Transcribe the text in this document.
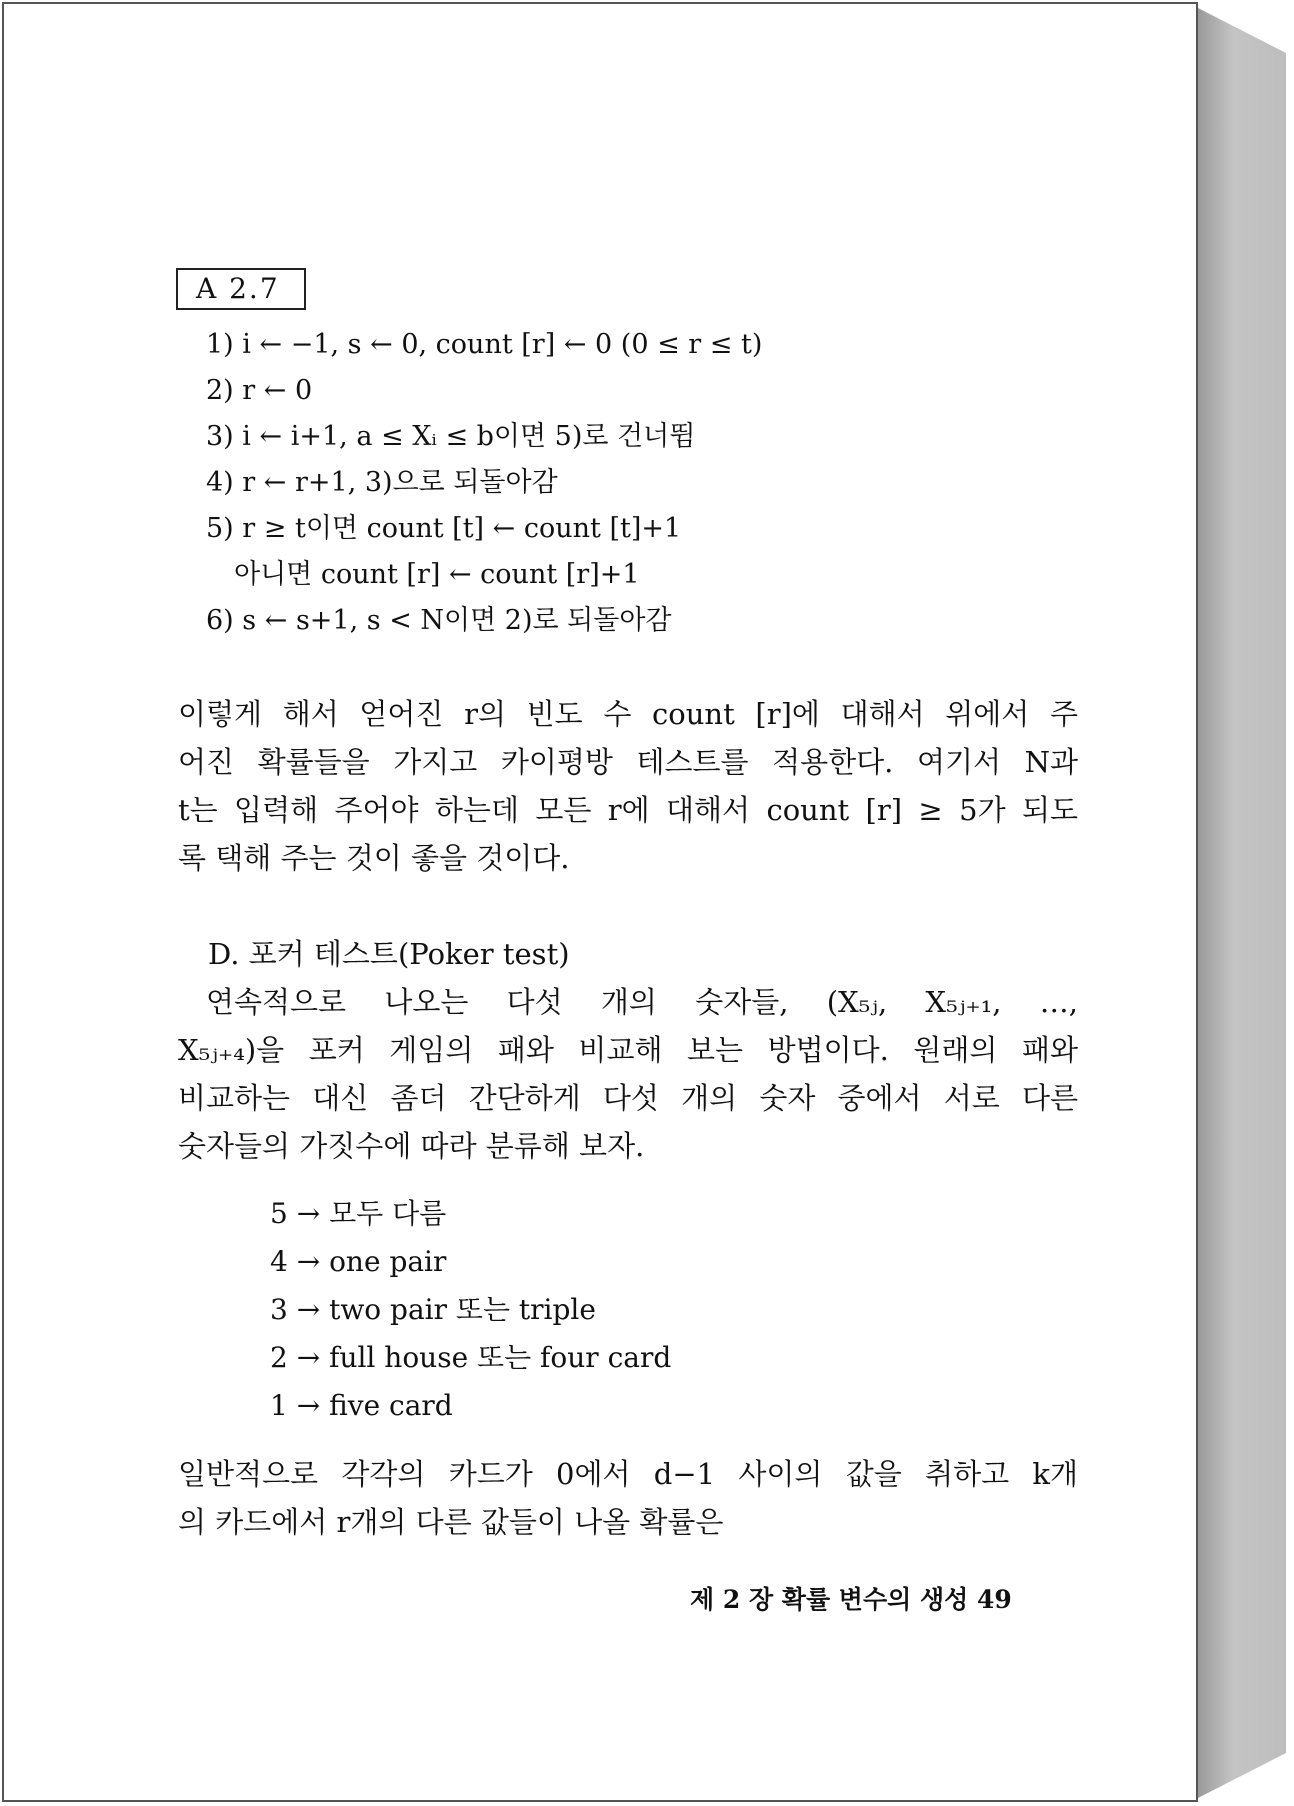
A 2.7
1) i ← −1, s ← 0, count [r] ← 0 (0 ≤ r ≤ t)
2) r ← 0
3) i ← i+1, a ≤ Xᵢ ≤ b이면 5)로 건너뜀
4) r ← r+1, 3)으로 되돌아감
5) r ≥ t이면 count [t] ← count [t]+1
아니면 count [r] ← count [r]+1
6) s ← s+1, s < N이면 2)로 되돌아감
이렇게 해서 얻어진 r의 빈도 수 count [r]에 대해서 위에서 주
어진 확률들을 가지고 카이평방 테스트를 적용한다. 여기서 N과
t는 입력해 주어야 하는데 모든 r에 대해서 count [r] ≥ 5가 되도
록 택해 주는 것이 좋을 것이다.
D. 포커 테스트(Poker test)
연속적으로 나오는 다섯 개의 숫자들, (X₅ⱼ, X₅ⱼ₊₁, …,
X₅ⱼ₊₄)을 포커 게임의 패와 비교해 보는 방법이다. 원래의 패와
비교하는 대신 좀더 간단하게 다섯 개의 숫자 중에서 서로 다른
숫자들의 가짓수에 따라 분류해 보자.
5 → 모두 다름
4 → one pair
3 → two pair 또는 triple
2 → full house 또는 four card
1 → five card
일반적으로 각각의 카드가 0에서 d−1 사이의 값을 취하고 k개
의 카드에서 r개의 다른 값들이 나올 확률은
제 2 장 확률 변수의 생성 49
